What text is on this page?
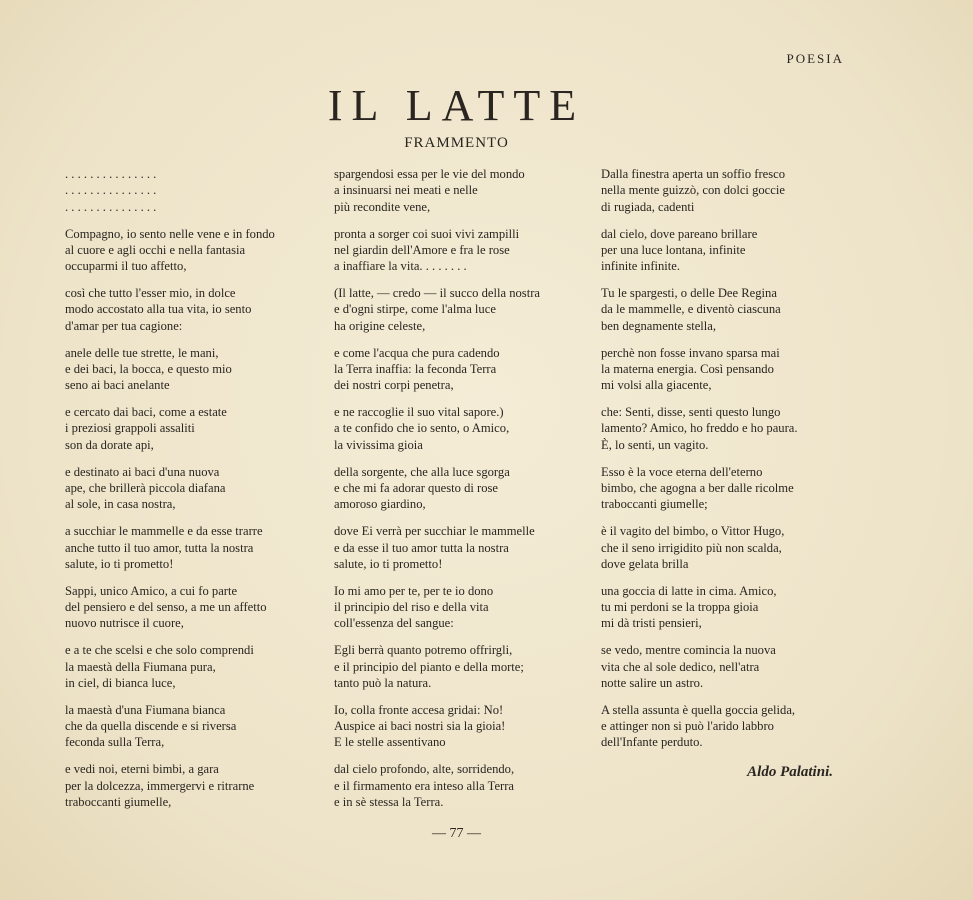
POESIA
IL LATTE
FRAMMENTO
. . . . . . . . . . . . . . .
. . . . . . . . . . . . . . .
. . . . . . . . . . . . . . .
Compagno, io sento nelle vene e in fondo
al cuore e agli occhi e nella fantasia
occuparmi il tuo affetto,
così che tutto l'esser mio, in dolce
modo accostato alla tua vita, io sento
d'amar per tua cagione:
anele delle tue strette, le mani,
e dei baci, la bocca, e questo mio
seno ai baci anelante
e cercato dai baci, come a estate
i preziosi grappoli assaliti
son da dorate api,
e destinato ai baci d'una nuova
ape, che brillerà piccola diafana
al sole, in casa nostra,
a succhiar le mammelle e da esse trarre
anche tutto il tuo amor, tutta la nostra
salute, io ti prometto!
Sappi, unico Amico, a cui fo parte
del pensiero e del senso, a me un affetto
nuovo nutrisce il cuore,
e a te che scelsi e che solo comprendi
la maestà della Fiumana pura,
in ciel, di bianca luce,
la maestà d'una Fiumana bianca
che da quella discende e si riversa
feconda sulla Terra,
e vedi noi, eterni bimbi, a gara
per la dolcezza, immergervi e ritrarne
traboccanti giumelle,
spargendosi essa per le vie del mondo
a insinuarsi nei meati e nelle
più recondite vene,
pronta a sorger coi suoi vivi zampilli
nel giardin dell'Amore e fra le rose
a inaffiare la vita. . . . . . . .
(Il latte, — credo — il succo della nostra
e d'ogni stirpe, come l'alma luce
ha origine celeste,
e come l'acqua che pura cadendo
la Terra inaffia: la feconda Terra
dei nostri corpi penetra,
e ne raccoglie il suo vital sapore.)
a te confido che io sento, o Amico,
la vivissima gioia
della sorgente, che alla luce sgorga
e che mi fa adorar questo di rose
amoroso giardino,
dove Ei verrà per succhiar le mammelle
e da esse il tuo amor tutta la nostra
salute, io ti prometto!
Io mi amo per te, per te io dono
il principio del riso e della vita
coll'essenza del sangue:
Egli berrà quanto potremo offrirgli,
e il principio del pianto e della morte;
tanto può la natura.
Io, colla fronte accesa gridai: No!
Auspice ai baci nostri sia la gioia!
E le stelle assentivano
dal cielo profondo, alte, sorridendo,
e il firmamento era inteso alla Terra
e in sè stessa la Terra.
Dalla finestra aperta un soffio fresco
nella mente guizzò, con dolci goccie
di rugiada, cadenti
dal cielo, dove pareano brillare
per una luce lontana, infinite
infinite infinite.
Tu le spargesti, o delle Dee Regina
da le mammelle, e diventò ciascuna
ben degnamente stella,
perchè non fosse invano sparsa mai
la materna energia. Così pensando
mi volsi alla giacente,
che: Senti, disse, senti questo lungo
lamento? Amico, ho freddo e ho paura.
È, lo senti, un vagito.
Esso è la voce eterna dell'eterno
bimbo, che agogna a ber dalle ricolme
traboccanti giumelle;
è il vagito del bimbo, o Vittor Hugo,
che il seno irrigidito più non scalda,
dove gelata brilla
una goccia di latte in cima. Amico,
tu mi perdoni se la troppa gioia
mi dà tristi pensieri,
se vedo, mentre comincia la nuova
vita che al sole dedico, nell'atra
notte salire un astro.
A stella assunta è quella goccia gelida,
e attinger non si può l'arido labbro
dell'Infante perduto.
Aldo Palatini.
— 77 —
